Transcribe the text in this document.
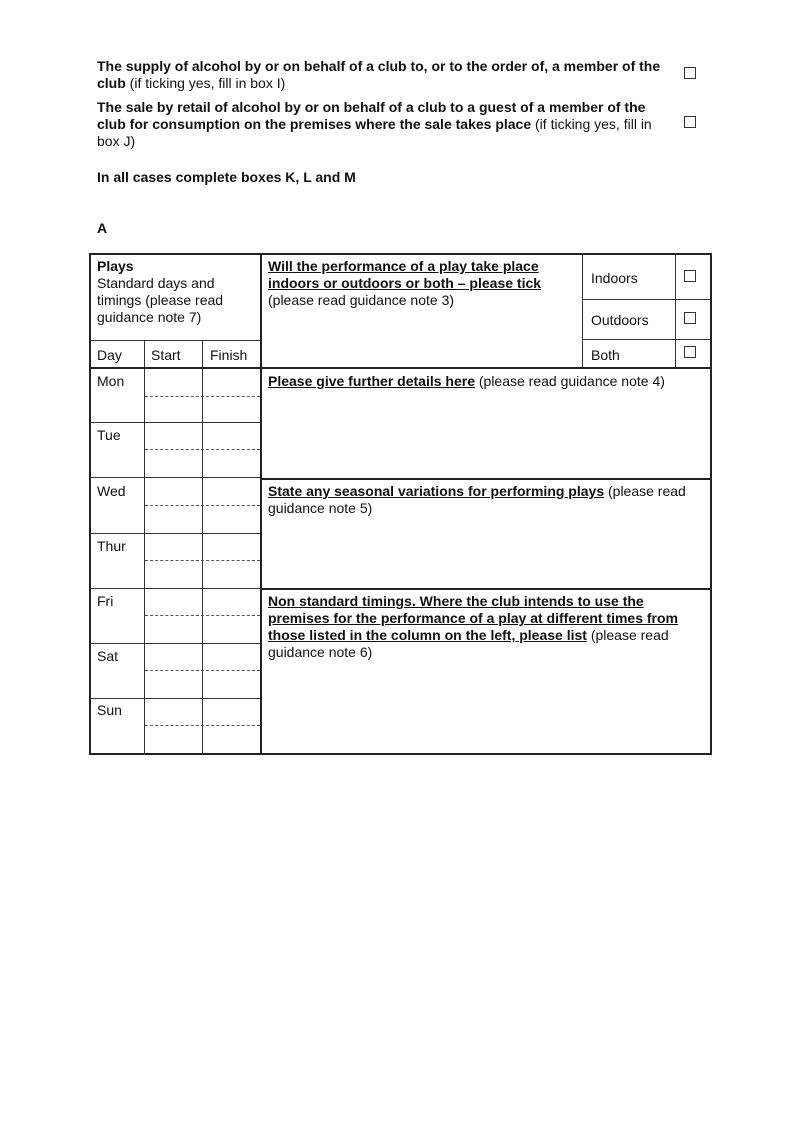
The supply of alcohol by or on behalf of a club to, or to the order of, a member of the club (if ticking yes, fill in box I)
The sale by retail of alcohol by or on behalf of a club to a guest of a member of the club for consumption on the premises where the sale takes place (if ticking yes, fill in box J)
In all cases complete boxes K, L and M
A
Plays
Standard days and timings (please read guidance note 7)
Day Start Finish
Mon
Tue
Wed
Thur
Fri
Sat
Sun
Will the performance of a play take place indoors or outdoors or both – please tick
(please read guidance note 3)
Indoors
Outdoors
Both
Please give further details here (please read guidance note 4)
State any seasonal variations for performing plays (please read guidance note 5)
Non standard timings. Where the club intends to use the premises for the performance of a play at different times from those listed in the column on the left, please list (please read guidance note 6)
